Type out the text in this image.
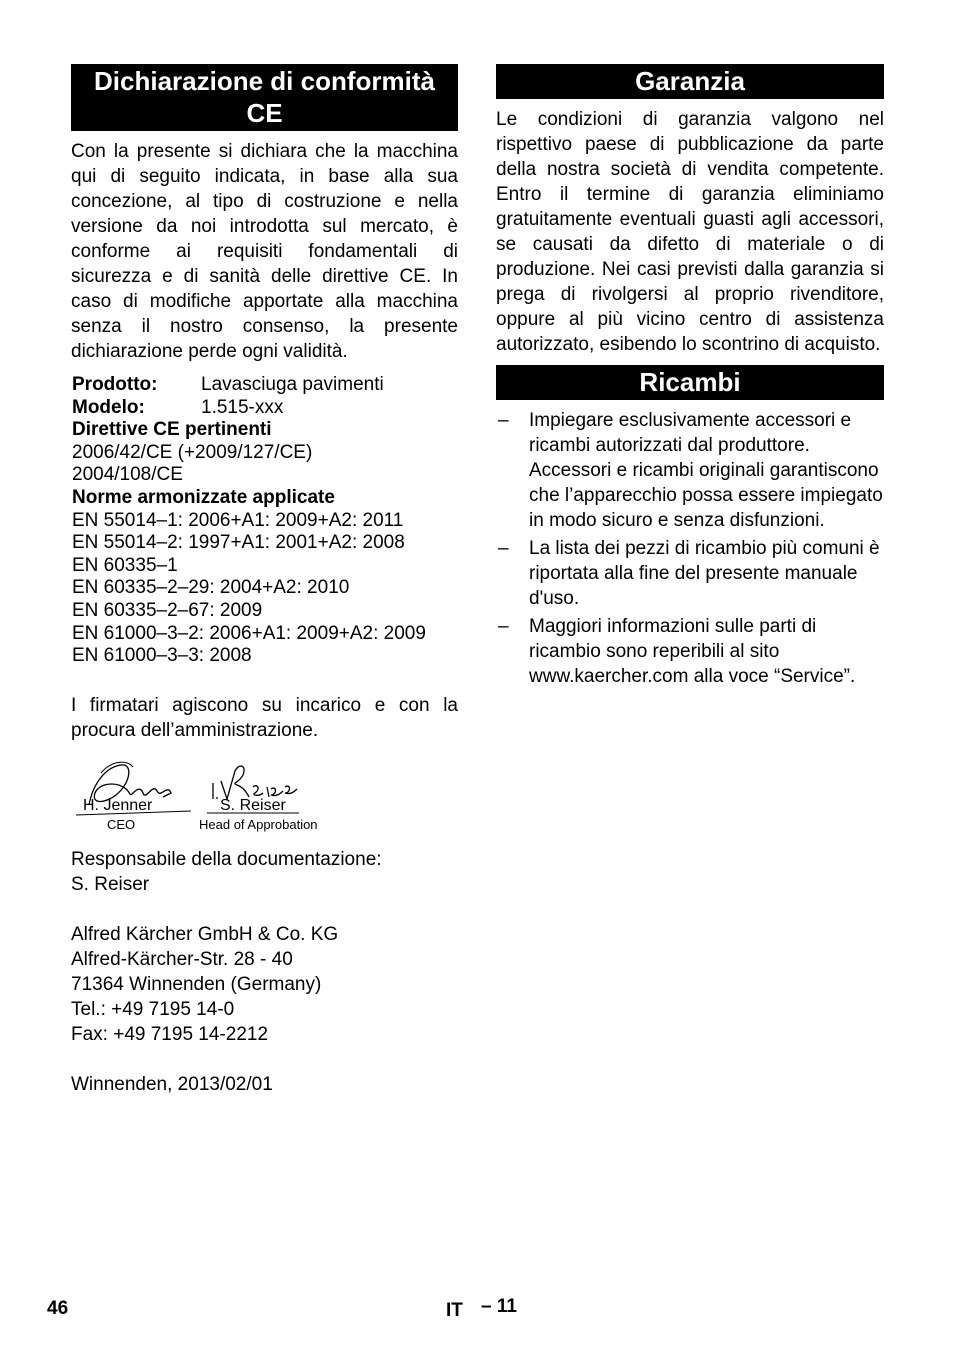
Dichiarazione di conformità CE

Con la presente si dichiara che la macchina qui di seguito indicata, in base alla sua concezione, al tipo di costruzione e nella versione da noi introdotta sul mercato, è conforme ai requisiti fondamentali di sicurezza e di sanità delle direttive CE. In caso di modifiche apportate alla macchina senza il nostro consenso, la presente dichiarazione perde ogni validità.

Prodotto:	Lavasciuga pavimenti
Modelo:	1.515-xxx
Direttive CE pertinenti
2006/42/CE (+2009/127/CE)
2004/108/CE
Norme armonizzate applicate
EN 55014–1: 2006+A1: 2009+A2: 2011
EN 55014–2: 1997+A1: 2001+A2: 2008
EN 60335–1
EN 60335–2–29: 2004+A2: 2010
EN 60335–2–67: 2009
EN 61000–3–2: 2006+A1: 2009+A2: 2009
EN 61000–3–3: 2008

I firmatari agiscono su incarico e con la procura dell’amministrazione.

H. Jenner
CEO
S. Reiser
Head of Approbation
Responsabile della documentazione:
S. Reiser
Alfred Kärcher GmbH & Co. KG
Alfred-Kärcher-Str. 28 - 40
71364 Winnenden (Germany)
Tel.: +49 7195 14-0
Fax: +49 7195 14-2212
Winnenden, 2013/02/01
Garanzia

Le condizioni di garanzia valgono nel rispettivo paese di pubblicazione da parte della nostra società di vendita competente. Entro il termine di garanzia eliminiamo gratuitamente eventuali guasti agli accessori, se causati da difetto di materiale o di produzione. Nei casi previsti dalla garanzia si prega di rivolgersi al proprio rivenditore, oppure al più vicino centro di assistenza autorizzato, esibendo lo scontrino di acquisto.

Ricambi
– Impiegare esclusivamente accessori e ricambi autorizzati dal produttore. Accessori e ricambi originali garantiscono che l’apparecchio possa essere impiegato in modo sicuro e senza disfunzioni.
– La lista dei pezzi di ricambio più comuni è riportata alla fine del presente manuale d'uso.
– Maggiori informazioni sulle parti di ricambio sono reperibili al sito www.kaercher.com alla voce “Service”.
46	IT – 11
